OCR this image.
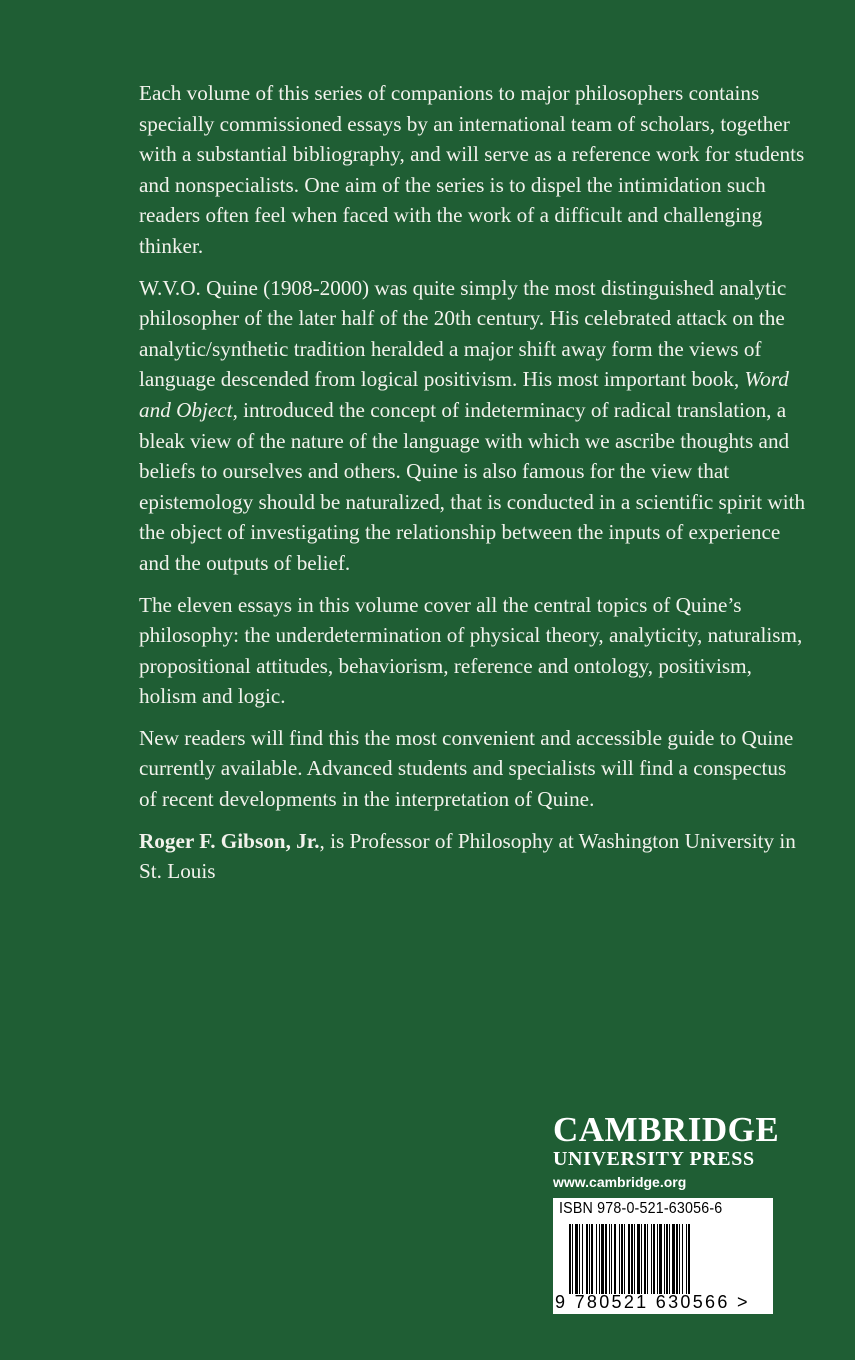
Each volume of this series of companions to major philosophers contains specially commissioned essays by an international team of scholars, together with a substantial bibliography, and will serve as a reference work for students and nonspecialists. One aim of the series is to dispel the intimidation such readers often feel when faced with the work of a difficult and challenging thinker.

W.V.O. Quine (1908-2000) was quite simply the most distinguished analytic philosopher of the later half of the 20th century. His celebrated attack on the analytic/synthetic tradition heralded a major shift away form the views of language descended from logical positivism. His most important book, Word and Object, introduced the concept of indeterminacy of radical translation, a bleak view of the nature of the language with which we ascribe thoughts and beliefs to ourselves and others. Quine is also famous for the view that epistemology should be naturalized, that is conducted in a scientific spirit with the object of investigating the relationship between the inputs of experience and the outputs of belief.

The eleven essays in this volume cover all the central topics of Quine’s philosophy: the underdetermination of physical theory, analyticity, naturalism, propositional attitudes, behaviorism, reference and ontology, positivism, holism and logic.

New readers will find this the most convenient and accessible guide to Quine currently available. Advanced students and specialists will find a conspectus of recent developments in the interpretation of Quine.

Roger F. Gibson, Jr., is Professor of Philosophy at Washington University in St. Louis

CAMBRIDGE
UNIVERSITY PRESS
www.cambridge.org
ISBN 978-0-521-63056-6
9 780521 630566 >
